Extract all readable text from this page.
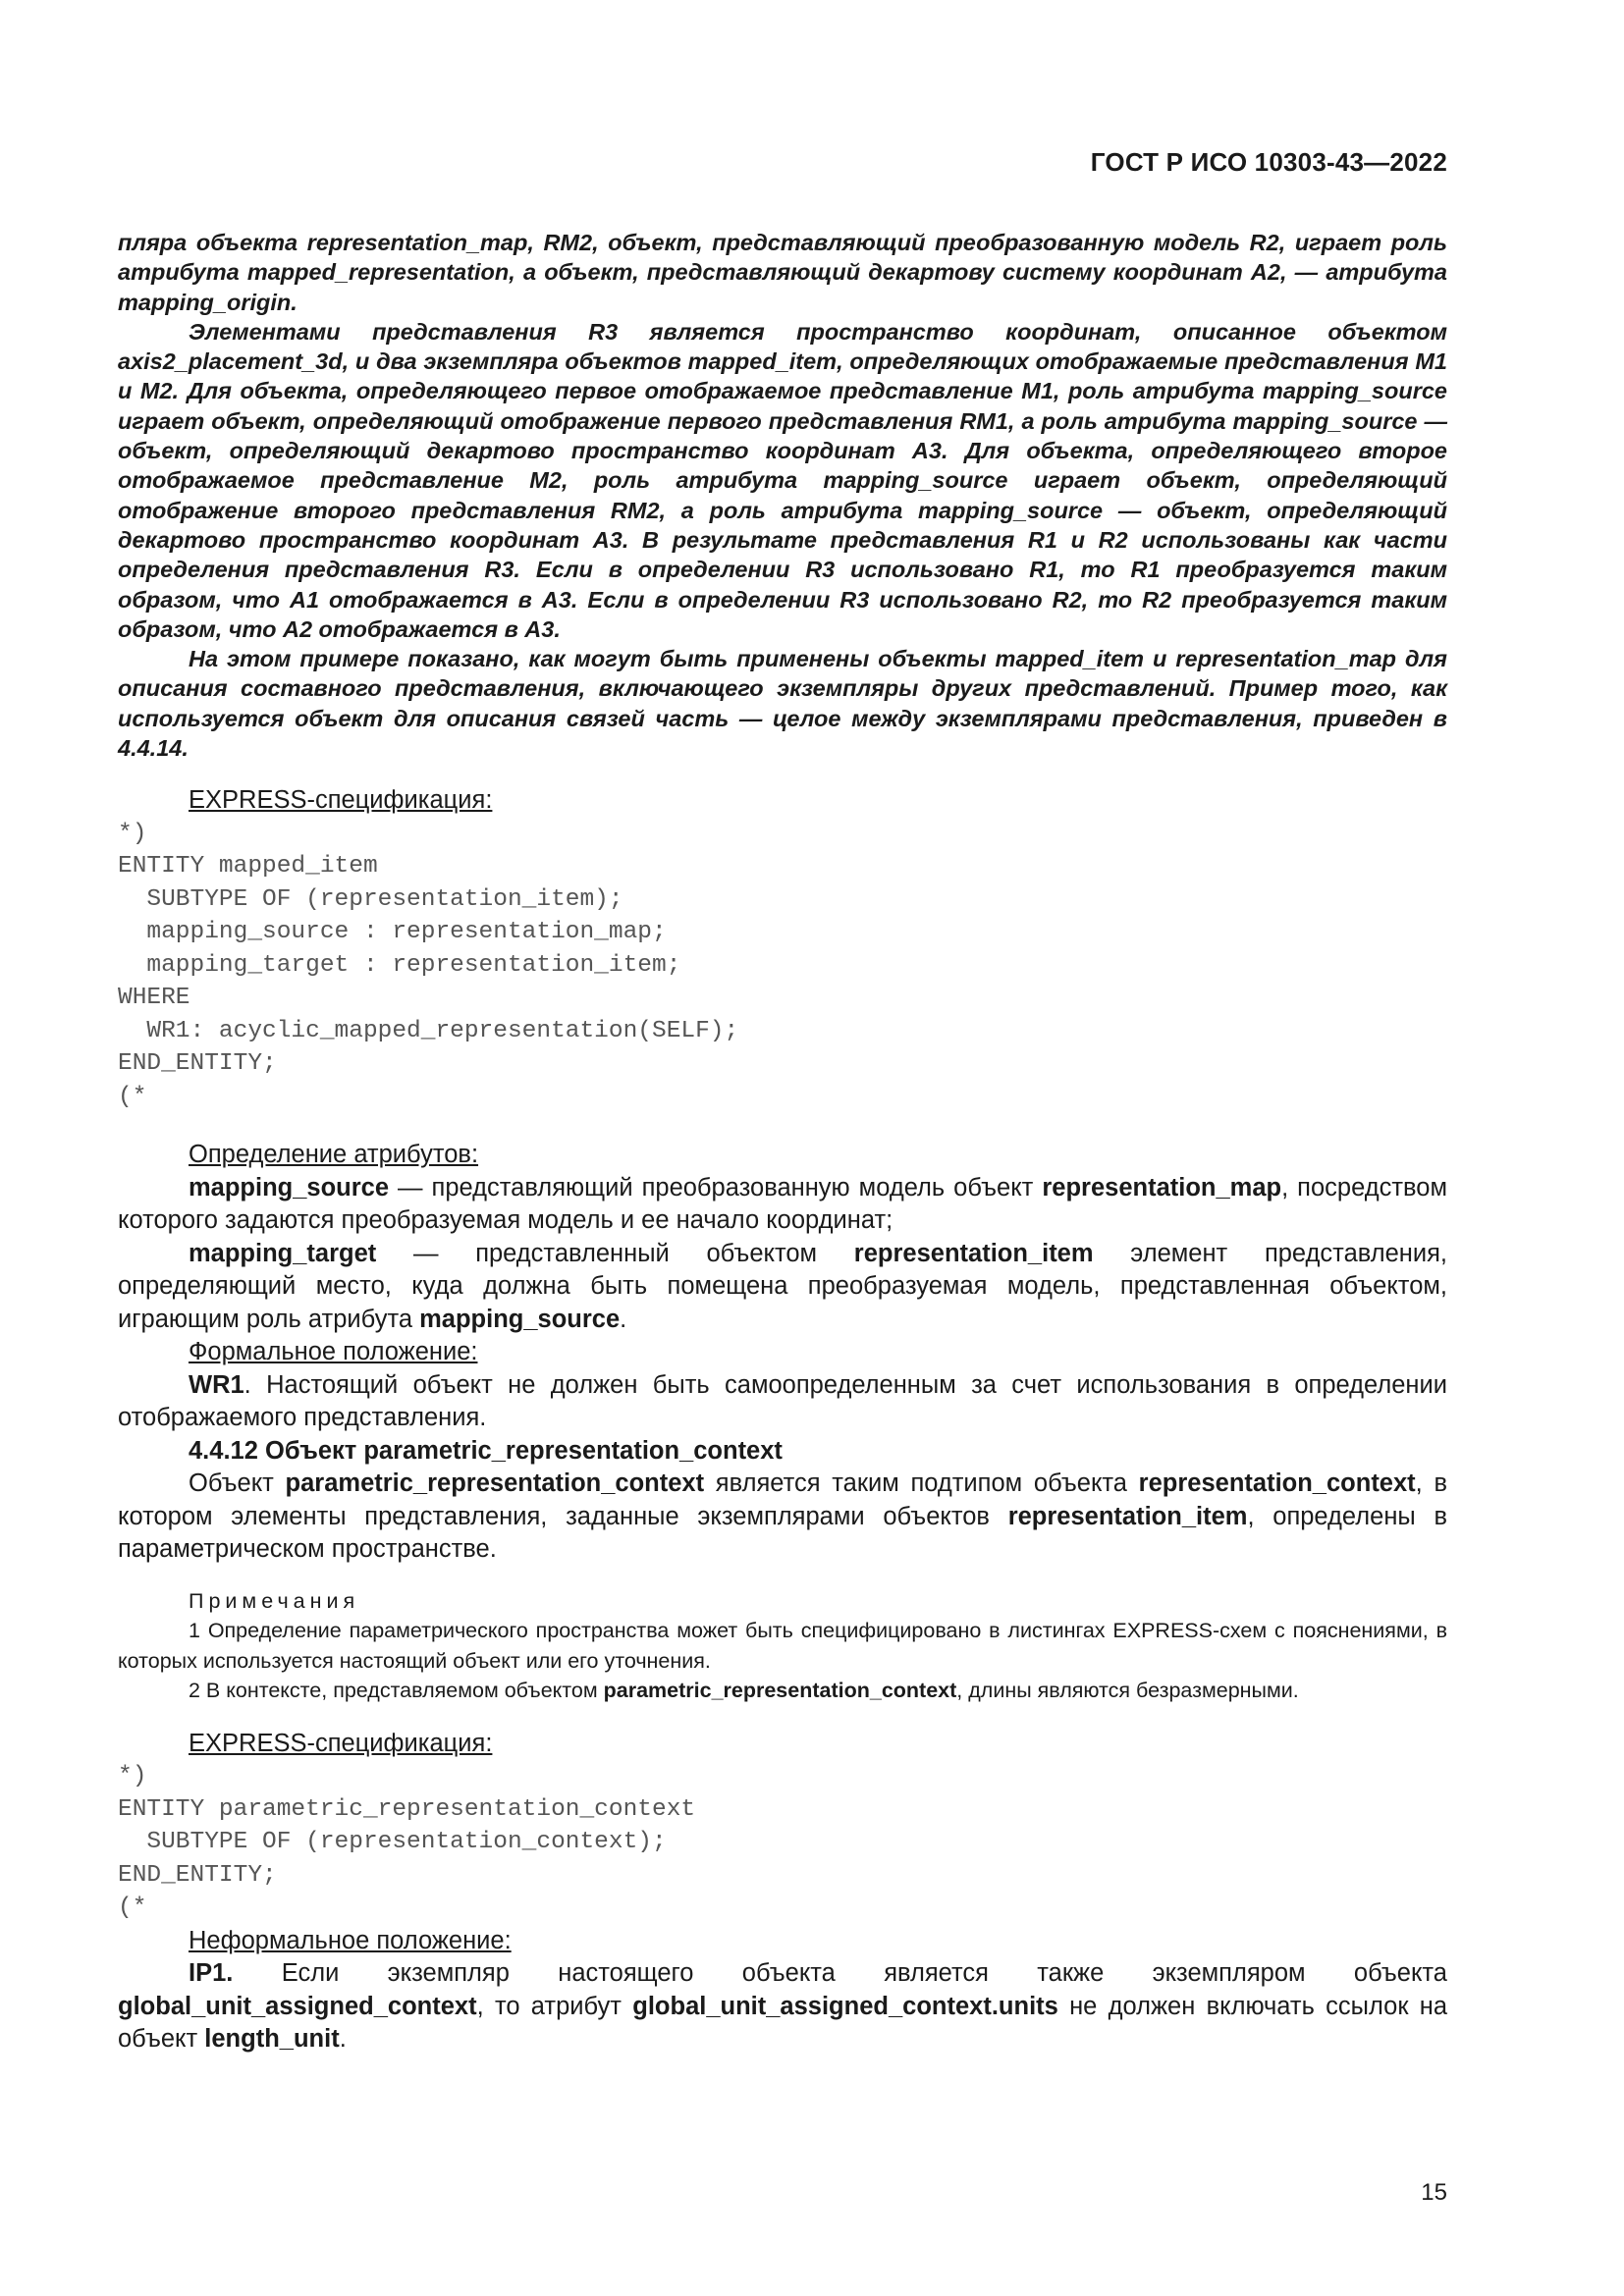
ГОСТ Р ИСО 10303-43—2022

пляра объекта representation_map, RM2, объект, представляющий преобразованную модель R2, играет роль атрибута mapped_representation, а объект, представляющий декартову систему координат A2, — атрибута mapping_origin.

Элементами представления R3 является пространство координат, описанное объектом axis2_placement_3d, и два экземпляра объектов mapped_item, определяющих отображаемые представления M1 и M2. Для объекта, определяющего первое отображаемое представление M1, роль атрибута mapping_source играет объект, определяющий отображение первого представления RM1, а роль атрибута mapping_source — объект, определяющий декартово пространство координат A3. Для объекта, определяющего второе отображаемое представление M2, роль атрибута mapping_source играет объект, определяющий отображение второго представления RM2, а роль атрибута mapping_source — объект, определяющий декартово пространство координат A3. В результате представления R1 и R2 использованы как части определения представления R3. Если в определении R3 использовано R1, то R1 преобразуется таким образом, что A1 отображается в A3. Если в определении R3 использовано R2, то R2 преобразуется таким образом, что A2 отображается в A3.

На этом примере показано, как могут быть применены объекты mapped_item и representation_map для описания составного представления, включающего экземпляры других представлений. Пример того, как используется объект для описания связей часть — целое между экземплярами представления, приведен в 4.4.14.

EXPRESS-спецификация:

*)
ENTITY mapped_item
SUBTYPE OF (representation_item);
mapping_source : representation_map;
mapping_target : representation_item;
WHERE
WR1: acyclic_mapped_representation(SELF);
END_ENTITY;
(*

Определение атрибутов:

mapping_source — представляющий преобразованную модель объект representation_map, посредством которого задаются преобразуемая модель и ее начало координат;

mapping_target — представленный объектом representation_item элемент представления, определяющий место, куда должна быть помещена преобразуемая модель, представленная объектом, играющим роль атрибута mapping_source.

Формальное положение:

WR1. Настоящий объект не должен быть самоопределенным за счет использования в определении отображаемого представления.

4.4.12 Объект parametric_representation_context

Объект parametric_representation_context является таким подтипом объекта representation_context, в котором элементы представления, заданные экземплярами объектов representation_item, определены в параметрическом пространстве.

Примечания

1 Определение параметрического пространства может быть специфицировано в листингах EXPRESS-схем с пояснениями, в которых используется настоящий объект или его уточнения.

2 В контексте, представляемом объектом parametric_representation_context, длины являются безразмерными.

EXPRESS-спецификация:

*)
ENTITY parametric_representation_context
SUBTYPE OF (representation_context);
END_ENTITY;
(*

Неформальное положение:

IP1. Если экземпляр настоящего объекта является также экземпляром объекта global_unit_assigned_context, то атрибут global_unit_assigned_context.units не должен включать ссылок на объект length_unit.

15
